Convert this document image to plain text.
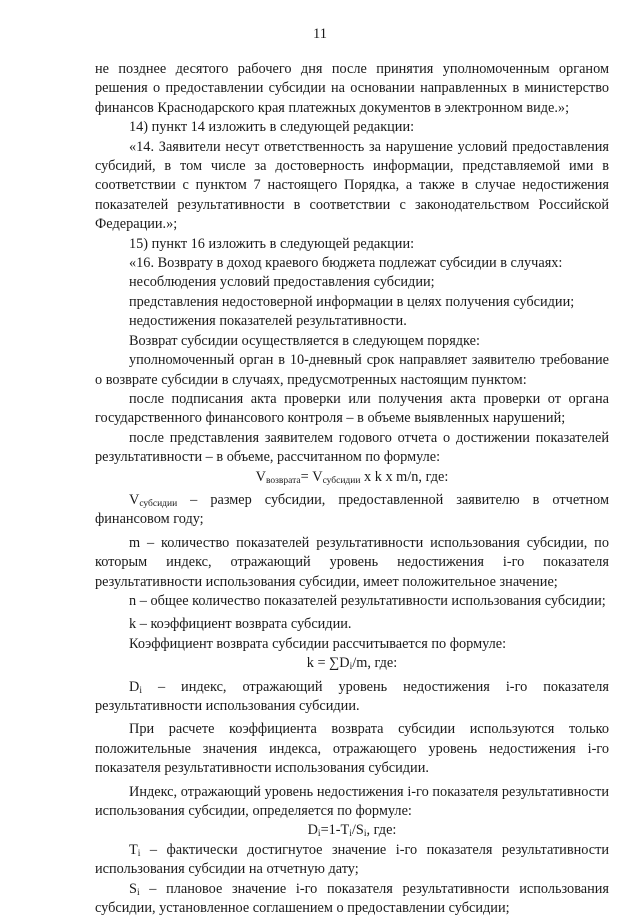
11

не позднее десятого рабочего дня после принятия уполномоченным органом решения о предоставлении субсидии на основании направленных в министерство финансов Краснодарского края платежных документов в электронном виде.»;

14) пункт 14 изложить в следующей редакции:

«14. Заявители несут ответственность за нарушение условий предоставления субсидий, в том числе за достоверность информации, представляемой ими в соответствии с пунктом 7 настоящего Порядка, а также в случае недостижения показателей результативности в соответствии с законодательством Российской Федерации.»;

15) пункт 16 изложить в следующей редакции:

«16. Возврату в доход краевого бюджета подлежат субсидии в случаях:

несоблюдения условий предоставления субсидии;

представления недостоверной информации в целях получения субсидии;

недостижения показателей результативности.

Возврат субсидии осуществляется в следующем порядке:

уполномоченный орган в 10-дневный срок направляет заявителю требование о возврате субсидии в случаях, предусмотренных настоящим пунктом:

после подписания акта проверки или получения акта проверки от органа государственного финансового контроля – в объеме выявленных нарушений;

после представления заявителем годового отчета о достижении показателей результативности – в объеме, рассчитанном по формуле:

$V_{возврата}= V_{субсидии}$ x k x m/n, где:

$V_{субсидии}$ – размер субсидии, предоставленной заявителю в отчетном финансовом году;

m – количество показателей результативности использования субсидии, по которым индекс, отражающий уровень недостижения i-го показателя результативности использования субсидии, имеет положительное значение;

n – общее количество показателей результативности использования субсидии;

k – коэффициент возврата субсидии.

Коэффициент возврата субсидии рассчитывается по формуле:

$k = \sum D_i/m$, где:

$D_i$ – индекс, отражающий уровень недостижения i-го показателя результативности использования субсидии.

При расчете коэффициента возврата субсидии используются только положительные значения индекса, отражающего уровень недостижения i-го показателя результативности использования субсидии.

Индекс, отражающий уровень недостижения i-го показателя результативности использования субсидии, определяется по формуле:

$D_i=1-T_i/S_i$, где:

$T_i$ – фактически достигнутое значение i-го показателя результативности использования субсидии на отчетную дату;

$S_i$ – плановое значение i-го показателя результативности использования субсидии, установленное соглашением о предоставлении субсидии;
